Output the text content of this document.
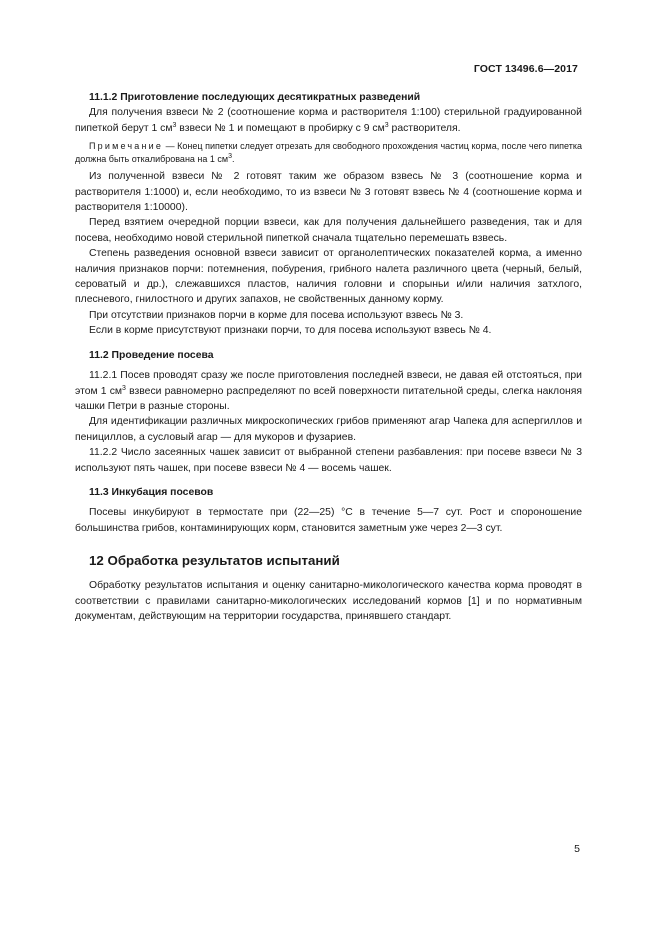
ГОСТ 13496.6—2017

11.1.2 Приготовление последующих десятикратных разведений

Для получения взвеси № 2 (соотношение корма и растворителя 1:100) стерильной градуированной пипеткой берут 1 $см^3$ взвеси № 1 и помещают в пробирку с 9 $см^3$ растворителя.

Примечание — Конец пипетки следует отрезать для свободного прохождения частиц корма, после чего пипетка должна быть откалибрована на 1 $см^3$.

Из полученной взвеси № 2 готовят таким же образом взвесь № 3 (соотношение корма и растворителя 1:1000) и, если необходимо, то из взвеси № 3 готовят взвесь № 4 (соотношение корма и растворителя 1:10000).

Перед взятием очередной порции взвеси, как для получения дальнейшего разведения, так и для посева, необходимо новой стерильной пипеткой сначала тщательно перемешать взвесь.

Степень разведения основной взвеси зависит от органолептических показателей корма, а именно наличия признаков порчи: потемнения, побурения, грибного налета различного цвета (черный, белый, сероватый и др.), слежавшихся пластов, наличия головни и спорыньи и/или наличия затхлого, плесневого, гнилостного и других запахов, не свойственных данному корму.

При отсутствии признаков порчи в корме для посева используют взвесь № 3.

Если в корме присутствуют признаки порчи, то для посева используют взвесь № 4.

11.2 Проведение посева

11.2.1 Посев проводят сразу же после приготовления последней взвеси, не давая ей отстояться, при этом 1 $см^3$ взвеси равномерно распределяют по всей поверхности питательной среды, слегка наклоняя чашки Петри в разные стороны.

Для идентификации различных микроскопических грибов применяют агар Чапека для аспергиллов и пенициллов, а сусловый агар — для мукоров и фузариев.

11.2.2 Число засеянных чашек зависит от выбранной степени разбавления: при посеве взвеси № 3 используют пять чашек, при посеве взвеси № 4 — восемь чашек.

11.3 Инкубация посевов

Посевы инкубируют в термостате при (22—25) °С в течение 5—7 сут. Рост и спороношение большинства грибов, контаминирующих корм, становится заметным уже через 2—3 сут.

12 Обработка результатов испытаний

Обработку результатов испытания и оценку санитарно-микологического качества корма проводят в соответствии с правилами санитарно-микологических исследований кормов [1] и по нормативным документам, действующим на территории государства, принявшего стандарт.

5
